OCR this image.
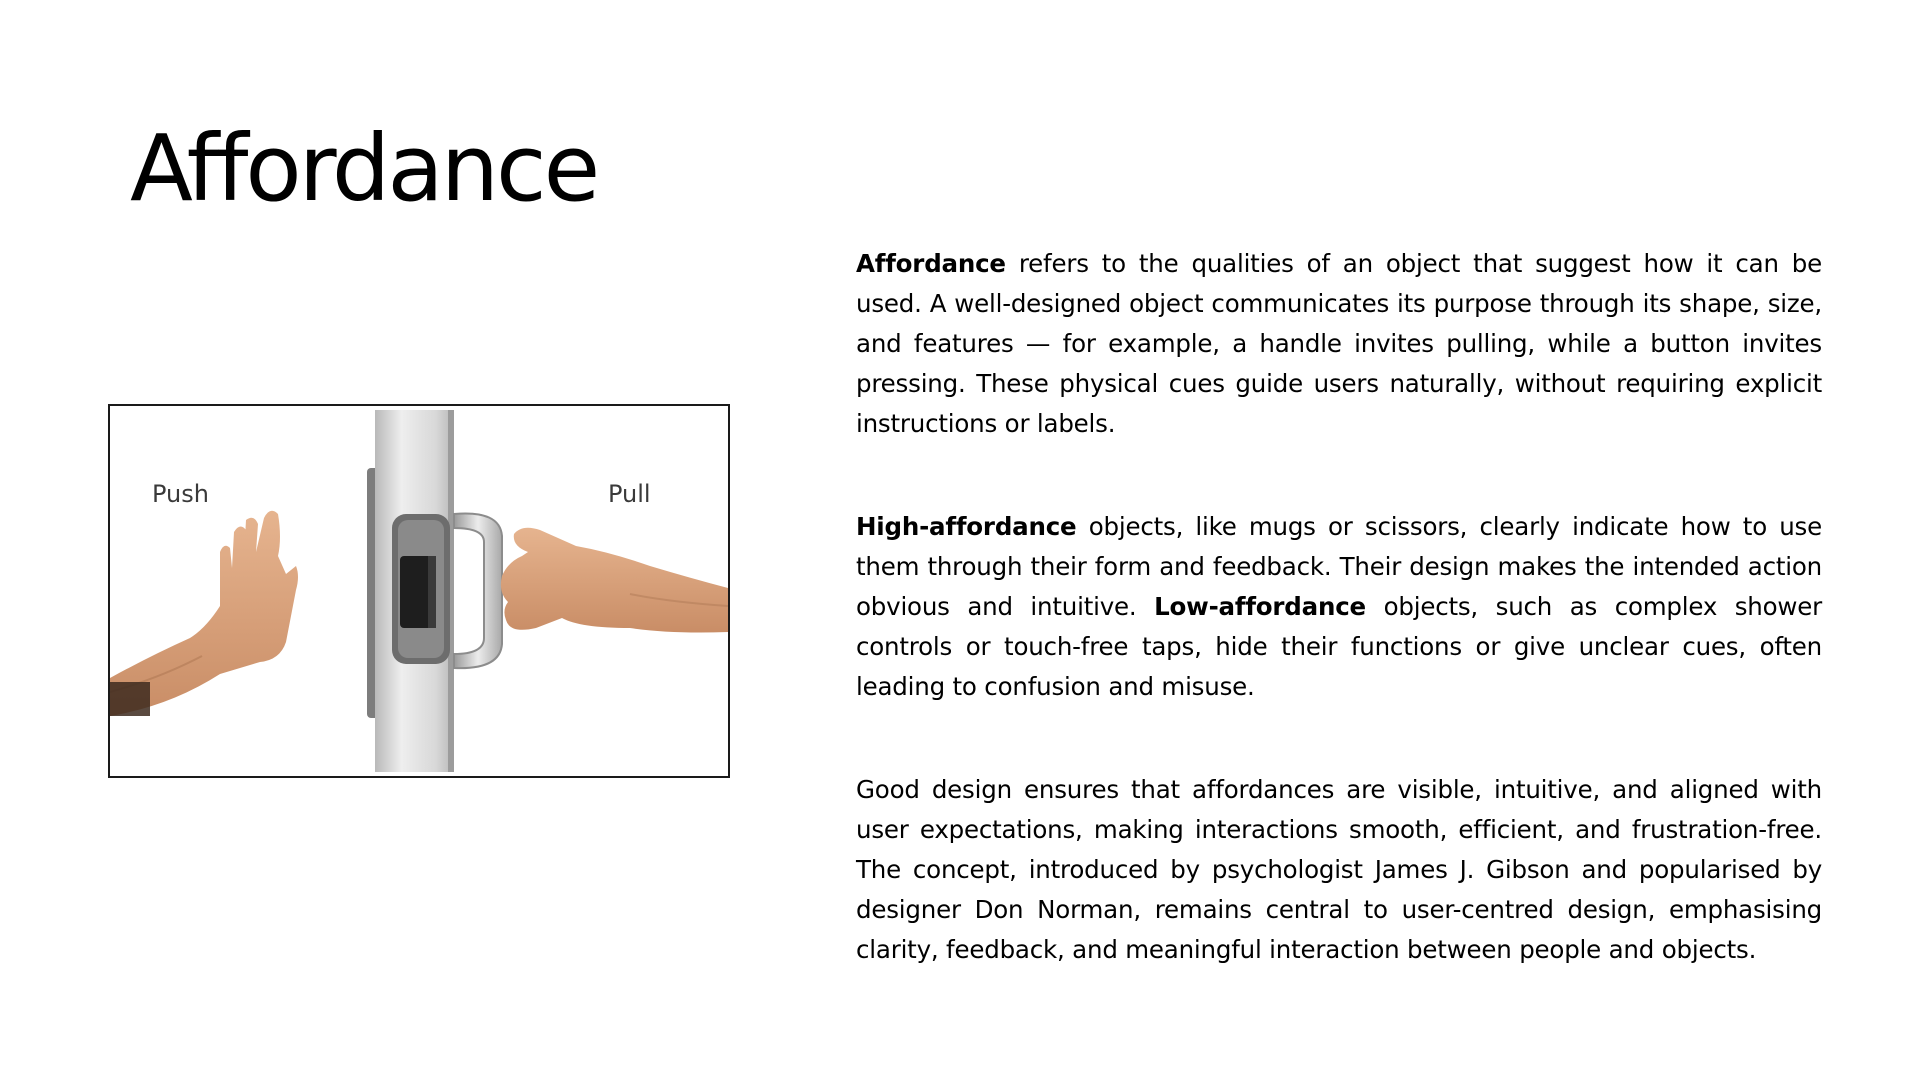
Affordance
Push	Pull

Affordance refers to the qualities of an object that suggest how it can be used. A well-designed object communicates its purpose through its shape, size, and features — for example, a handle invites pulling, while a button invites pressing. These physical cues guide users naturally, without requiring explicit instructions or labels.

High-affordance objects, like mugs or scissors, clearly indicate how to use them through their form and feedback. Their design makes the intended action obvious and intuitive. Low-affordance objects, such as complex shower controls or touch-free taps, hide their functions or give unclear cues, often leading to confusion and misuse.

Good design ensures that affordances are visible, intuitive, and aligned with user expectations, making interactions smooth, efficient, and frustration-free. The concept, introduced by psychologist James J. Gibson and popularised by designer Don Norman, remains central to user-centred design, emphasising clarity, feedback, and meaningful interaction between people and objects.
